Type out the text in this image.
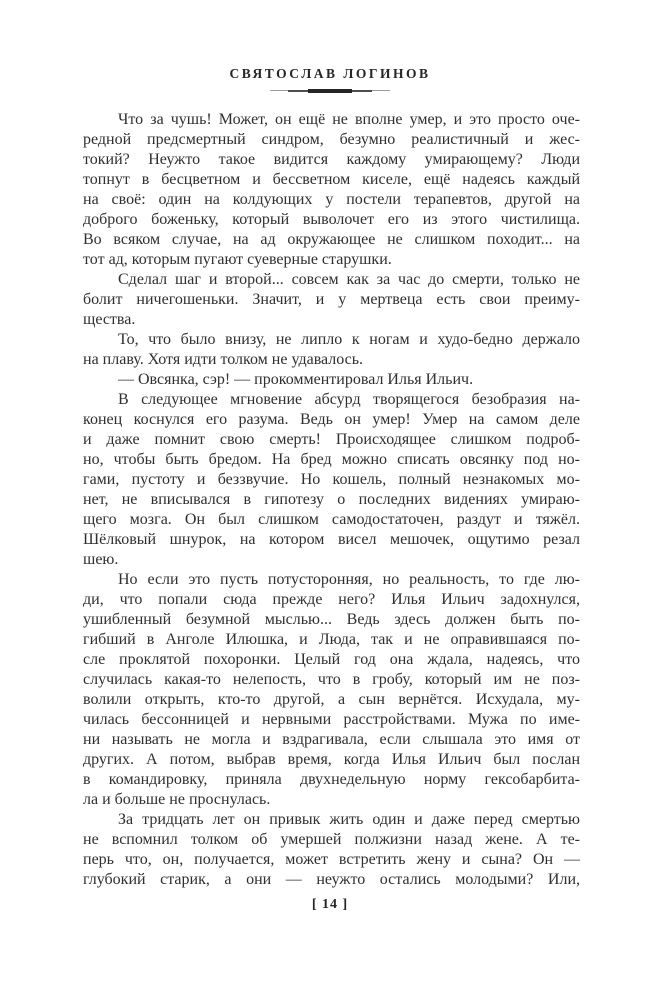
СВЯТОСЛАВ ЛОГИНОВ
Что за чушь! Может, он ещё не вполне умер, и это просто оче-
редной предсмертный синдром, безумно реалистичный и жес-
токий? Неужто такое видится каждому умирающему? Люди
топнут в бесцветном и бессветном киселе, ещё надеясь каждый
на своё: один на колдующих у постели терапевтов, другой на
доброго боженьку, который выволочет его из этого чистилища.
Во всяком случае, на ад окружающее не слишком походит... на
тот ад, которым пугают суеверные старушки.
Сделал шаг и второй... совсем как за час до смерти, только не
болит ничегошеньки. Значит, и у мертвеца есть свои преиму-
щества.
То, что было внизу, не липло к ногам и худо-бедно держало
на плаву. Хотя идти толком не удавалось.
— Овсянка, сэр! — прокомментировал Илья Ильич.
В следующее мгновение абсурд творящегося безобразия на-
конец коснулся его разума. Ведь он умер! Умер на самом деле
и даже помнит свою смерть! Происходящее слишком подроб-
но, чтобы быть бредом. На бред можно списать овсянку под но-
гами, пустоту и беззвучие. Но кошель, полный незнакомых мо-
нет, не вписывался в гипотезу о последних видениях умираю-
щего мозга. Он был слишком самодостаточен, раздут и тяжёл.
Шёлковый шнурок, на котором висел мешочек, ощутимо резал
шею.
Но если это пусть потусторонняя, но реальность, то где лю-
ди, что попали сюда прежде него? Илья Ильич задохнулся,
ушибленный безумной мыслью... Ведь здесь должен быть по-
гибший в Анголе Илюшка, и Люда, так и не оправившаяся по-
сле проклятой похоронки. Целый год она ждала, надеясь, что
случилась какая-то нелепость, что в гробу, который им не поз-
волили открыть, кто-то другой, а сын вернётся. Исхудала, му-
чилась бессонницей и нервными расстройствами. Мужа по име-
ни называть не могла и вздрагивала, если слышала это имя от
других. А потом, выбрав время, когда Илья Ильич был послан
в командировку, приняла двухнедельную норму гексобарбита-
ла и больше не проснулась.
За тридцать лет он привык жить один и даже перед смертью
не вспомнил толком об умершей полжизни назад жене. А те-
перь что, он, получается, может встретить жену и сына? Он —
глубокий старик, а они — неужто остались молодыми? Или,
[ 14 ]
